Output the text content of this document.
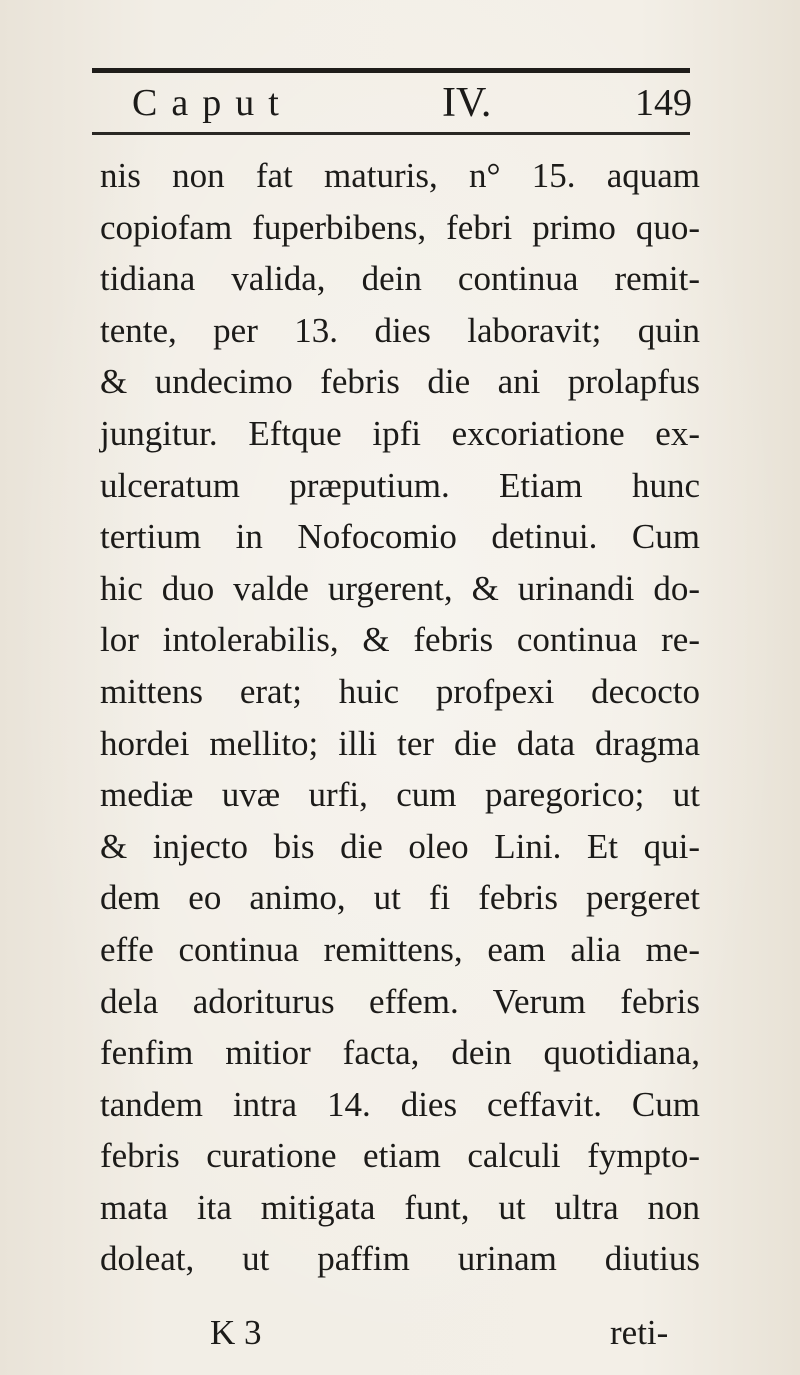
Caput	IV.	149
nis non fat maturis, n° 15. aquam
copiofam fuperbibens, febri primo quo-
tidiana valida, dein continua remit-
tente, per 13. dies laboravit; quin
& undecimo febris die ani prolapfus
jungitur. Eftque ipfi excoriatione ex-
ulceratum præputium. Etiam hunc
tertium in Nofocomio detinui. Cum
hic duo valde urgerent, & urinandi do-
lor intolerabilis, & febris continua re-
mittens erat; huic profpexi decocto
hordei mellito; illi ter die data dragma
mediæ uvæ urfi, cum paregorico; ut
& injecto bis die oleo Lini. Et qui-
dem eo animo, ut fi febris pergeret
effe continua remittens, eam alia me-
dela adoriturus effem. Verum febris
fenfim mitior facta, dein quotidiana,
tandem intra 14. dies ceffavit. Cum
febris curatione etiam calculi fympto-
mata ita mitigata funt, ut ultra non
doleat, ut paffim urinam diutius
K 3	reti-
